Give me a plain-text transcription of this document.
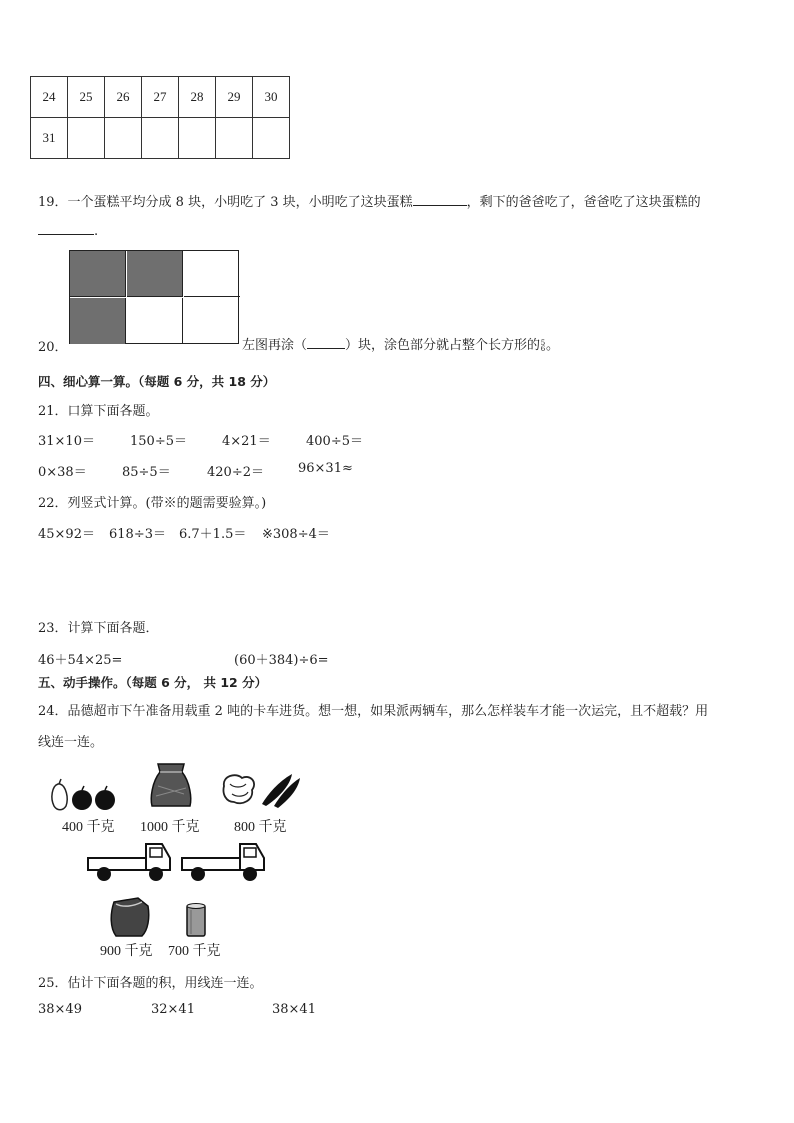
24	25	26	27	28	29	30
31						
19．一个蛋糕平均分成 8 块，小明吃了 3 块，小明吃了这块蛋糕	，剩下的爸爸吃了，爸爸吃了这块蛋糕的
.
20．	左图再涂（	）块，涂色部分就占整个长方形的5
6。
四、细心算一算。（每题 6 分，共 18 分）
21．口算下面各题。
31×10＝	150÷5＝	4×21＝	400÷5＝
0×38＝	85÷5＝	420÷2＝	96×31≈
22．列竖式计算。(带※的题需要验算。)
45×92＝ 618÷3＝ 6.7＋1.5＝ ※308÷4＝
23．计算下面各题．
46＋54×25=	(60＋384)÷6=
五、动手操作。（每题 6 分， 共 12 分）
24．品德超市下午准备用载重 2 吨的卡车进货。想一想，如果派两辆车，那么怎样装车才能一次运完，且不超载？用
线连一连。
400 千克 1000 千克 800 千克
900 千克 700 千克
25．估计下面各题的积，用线连一连。
38×49	32×41	38×41
